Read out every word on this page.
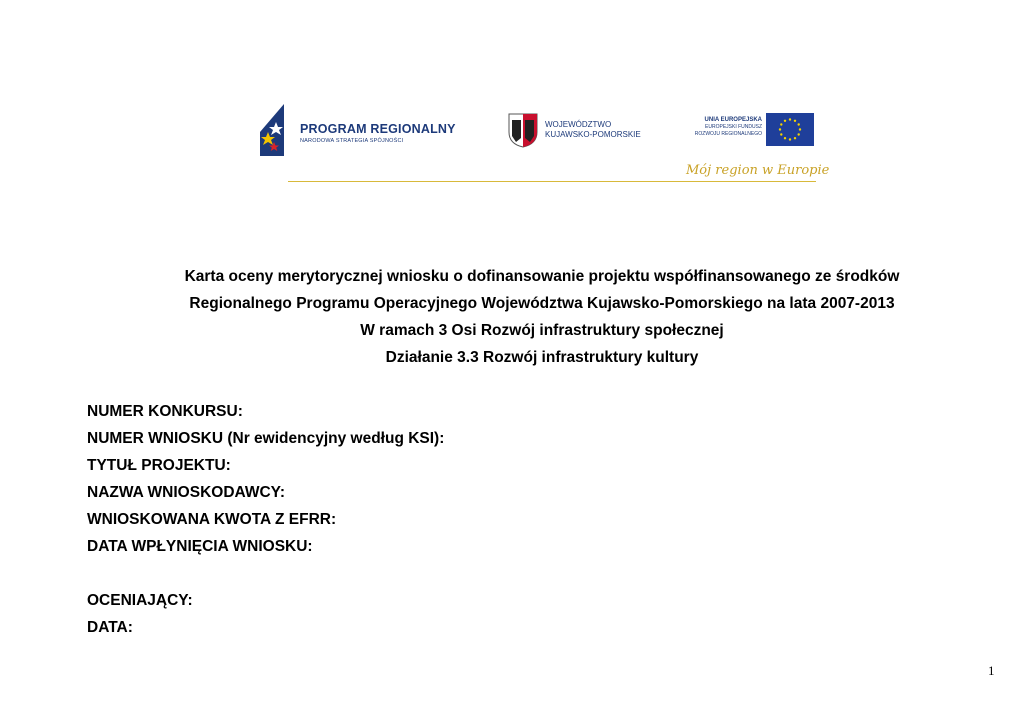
PROGRAM REGIONALNY
NARODOWA STRATEGIA SPÓJNOŚCI
WOJEWÓDZTWO
KUJAWSKO-POMORSKIE
UNIA EUROPEJSKA
EUROPEJSKI FUNDUSZ
ROZWOJU REGIONALNEGO
Mój region w Europie
Karta oceny merytorycznej wniosku o dofinansowanie projektu współfinansowanego ze środków
Regionalnego Programu Operacyjnego Województwa Kujawsko-Pomorskiego na lata 2007-2013
W ramach 3 Osi Rozwój infrastruktury społecznej
Działanie 3.3 Rozwój infrastruktury kultury
NUMER KONKURSU:
NUMER WNIOSKU (Nr ewidencyjny według KSI):
TYTUŁ PROJEKTU:
NAZWA WNIOSKODAWCY:
WNIOSKOWANA KWOTA Z EFRR:
DATA WPŁYNIĘCIA WNIOSKU:
OCENIAJĄCY:
DATA:
1
